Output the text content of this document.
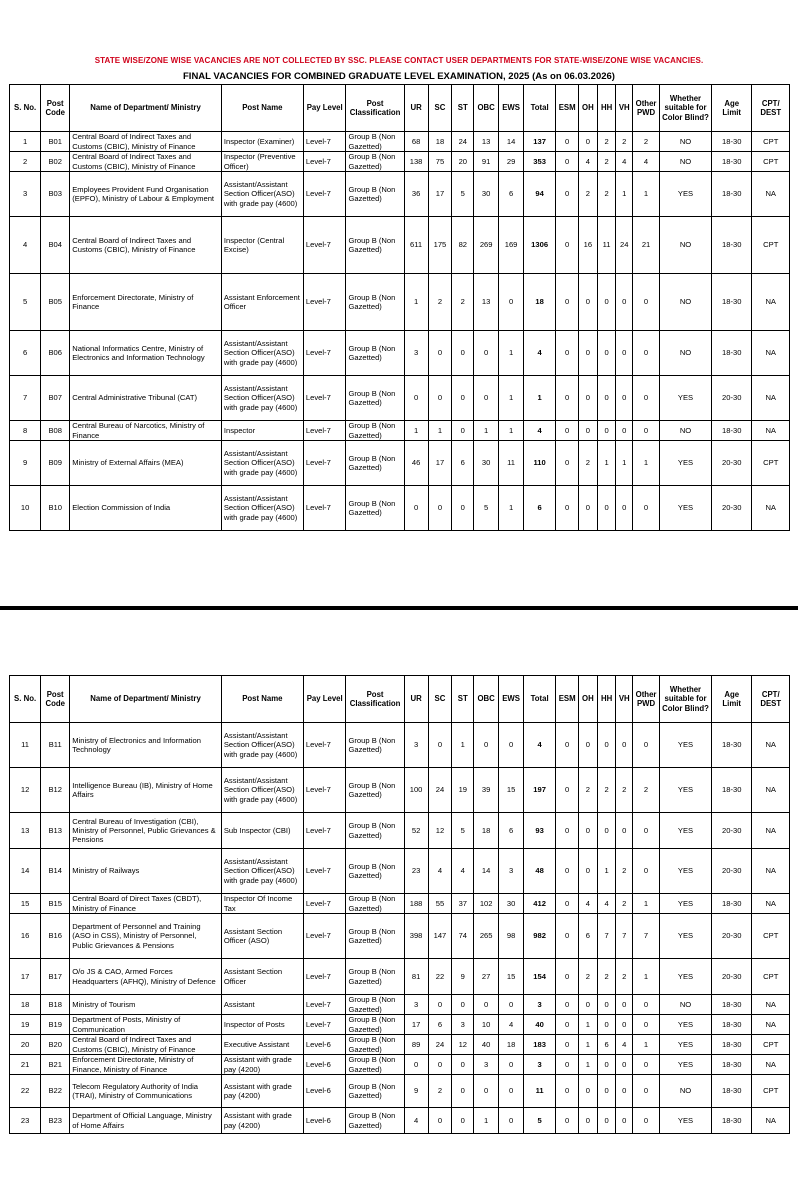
STATE WISE/ZONE WISE VACANCIES ARE NOT COLLECTED BY SSC. PLEASE CONTACT USER DEPARTMENTS FOR STATE-WISE/ZONE WISE VACANCIES.
FINAL VACANCIES FOR COMBINED GRADUATE LEVEL EXAMINATION, 2025 (As on 06.03.2026)
S. No.	Post Code	Name of Department/ Ministry	Post Name	Pay Level	Post Classification	UR	SC	ST	OBC	EWS	Total	ESM	OH	HH	VH	Other PWD	Whether suitable for Color Blind?	Age Limit	CPT/ DEST
1	B01	Central Board of Indirect Taxes and Customs (CBIC), Ministry of Finance	Inspector (Examiner)	Level-7	Group B (Non Gazetted)	68	18	24	13	14	137	0	0	2	2	2	NO	18-30	CPT
2	B02	Central Board of Indirect Taxes and Customs (CBIC), Ministry of Finance	Inspector (Preventive Officer)	Level-7	Group B (Non Gazetted)	138	75	20	91	29	353	0	4	2	4	4	NO	18-30	CPT
3	B03	Employees Provident Fund Organisation (EPFO), Ministry of Labour & Employment	Assistant/Assistant Section Officer(ASO) with grade pay (4600)	Level-7	Group B (Non Gazetted)	36	17	5	30	6	94	0	2	2	1	1	YES	18-30	NA
4	B04	Central Board of Indirect Taxes and Customs (CBIC), Ministry of Finance	Inspector (Central Excise)	Level-7	Group B (Non Gazetted)	611	175	82	269	169	1306	0	16	11	24	21	NO	18-30	CPT
5	B05	Enforcement Directorate, Ministry of Finance	Assistant Enforcement Officer	Level-7	Group B (Non Gazetted)	1	2	2	13	0	18	0	0	0	0	0	NO	18-30	NA
6	B06	National Informatics Centre, Ministry of Electronics and Information Technology	Assistant/Assistant Section Officer(ASO) with grade pay (4600)	Level-7	Group B (Non Gazetted)	3	0	0	0	1	4	0	0	0	0	0	NO	18-30	NA
7	B07	Central Administrative Tribunal (CAT)	Assistant/Assistant Section Officer(ASO) with grade pay (4600)	Level-7	Group B (Non Gazetted)	0	0	0	0	1	1	0	0	0	0	0	YES	20-30	NA
8	B08	Central Bureau of Narcotics, Ministry of Finance	Inspector	Level-7	Group B (Non Gazetted)	1	1	0	1	1	4	0	0	0	0	0	NO	18-30	NA
9	B09	Ministry of External Affairs (MEA)	Assistant/Assistant Section Officer(ASO) with grade pay (4600)	Level-7	Group B (Non Gazetted)	46	17	6	30	11	110	0	2	1	1	1	YES	20-30	CPT
10	B10	Election Commission of India	Assistant/Assistant Section Officer(ASO) with grade pay (4600)	Level-7	Group B (Non Gazetted)	0	0	0	5	1	6	0	0	0	0	0	YES	20-30	NA
S. No.	Post Code	Name of Department/ Ministry	Post Name	Pay Level	Post Classification	UR	SC	ST	OBC	EWS	Total	ESM	OH	HH	VH	Other PWD	Whether suitable for Color Blind?	Age Limit	CPT/ DEST
11	B11	Ministry of Electronics and Information Technology	Assistant/Assistant Section Officer(ASO) with grade pay (4600)	Level-7	Group B (Non Gazetted)	3	0	1	0	0	4	0	0	0	0	0	YES	18-30	NA
12	B12	Intelligence Bureau (IB), Ministry of Home Affairs	Assistant/Assistant Section Officer(ASO) with grade pay (4600)	Level-7	Group B (Non Gazetted)	100	24	19	39	15	197	0	2	2	2	2	YES	18-30	NA
13	B13	Central Bureau of Investigation (CBI), Ministry of Personnel, Public Grievances & Pensions	Sub Inspector (CBI)	Level-7	Group B (Non Gazetted)	52	12	5	18	6	93	0	0	0	0	0	YES	20-30	NA
14	B14	Ministry of Railways	Assistant/Assistant Section Officer(ASO) with grade pay (4600)	Level-7	Group B (Non Gazetted)	23	4	4	14	3	48	0	0	1	2	0	YES	20-30	NA
15	B15	Central Board of Direct Taxes (CBDT), Ministry of Finance	Inspector Of Income Tax	Level-7	Group B (Non Gazetted)	188	55	37	102	30	412	0	4	4	2	1	YES	18-30	NA
16	B16	Department of Personnel and Training (ASO in CSS), Ministry of Personnel, Public Grievances & Pensions	Assistant Section Officer (ASO)	Level-7	Group B (Non Gazetted)	398	147	74	265	98	982	0	6	7	7	7	YES	20-30	CPT
17	B17	O/o JS & CAO, Armed Forces Headquarters (AFHQ), Ministry of Defence	Assistant Section Officer	Level-7	Group B (Non Gazetted)	81	22	9	27	15	154	0	2	2	2	1	YES	20-30	CPT
18	B18	Ministry of Tourism	Assistant	Level-7	Group B (Non Gazetted)	3	0	0	0	0	3	0	0	0	0	0	NO	18-30	NA
19	B19	Department of Posts, Ministry of Communication	Inspector of Posts	Level-7	Group B (Non Gazetted)	17	6	3	10	4	40	0	1	0	0	0	YES	18-30	NA
20	B20	Central Board of Indirect Taxes and Customs (CBIC), Ministry of Finance	Executive Assistant	Level-6	Group B (Non Gazetted)	89	24	12	40	18	183	0	1	6	4	1	YES	18-30	CPT
21	B21	Enforcement Directorate, Ministry of Finance, Ministry of Finance	Assistant with grade pay (4200)	Level-6	Group B (Non Gazetted)	0	0	0	3	0	3	0	1	0	0	0	YES	18-30	NA
22	B22	Telecom Regulatory Authority of India (TRAI), Ministry of Communications	Assistant with grade pay (4200)	Level-6	Group B (Non Gazetted)	9	2	0	0	0	11	0	0	0	0	0	NO	18-30	CPT
23	B23	Department of Official Language, Ministry of Home Affairs	Assistant with grade pay (4200)	Level-6	Group B (Non Gazetted)	4	0	0	1	0	5	0	0	0	0	0	YES	18-30	NA
